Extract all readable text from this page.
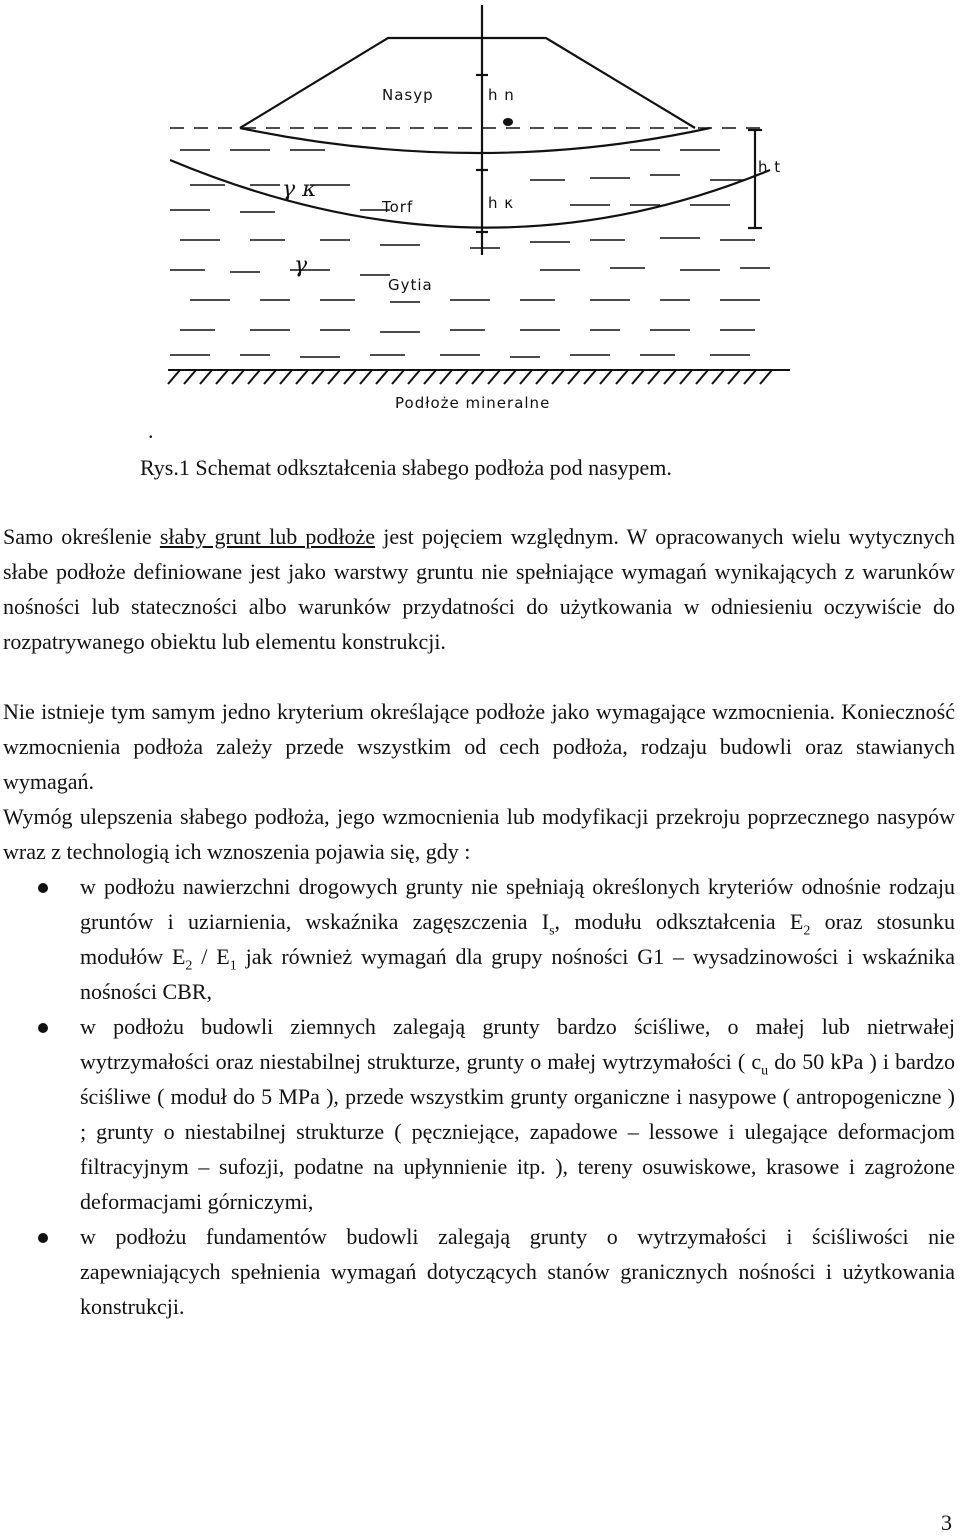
Nasyp	h n
h t
γ κ
Torf	h κ
γ
Gytia
Podłoże mineralne
.
Rys.1 Schemat odkształcenia słabego podłoża pod nasypem.

Samo określenie słaby grunt lub podłoże jest pojęciem względnym. W opracowanych wielu wytycznych słabe podłoże definiowane jest jako warstwy gruntu nie spełniające wymagań wynikających z warunków nośności lub stateczności albo warunków przydatności do użytkowania w odniesieniu oczywiście do rozpatrywanego obiektu lub elementu konstrukcji.

Nie istnieje tym samym jedno kryterium określające podłoże jako wymagające wzmocnienia. Konieczność wzmocnienia podłoża zależy przede wszystkim od cech podłoża, rodzaju budowli oraz stawianych wymagań.

Wymóg ulepszenia słabego podłoża, jego wzmocnienia lub modyfikacji przekroju poprzecznego nasypów wraz z technologią ich wznoszenia pojawia się, gdy :

w podłożu nawierzchni drogowych grunty nie spełniają określonych kryteriów odnośnie rodzaju gruntów i uziarnienia, wskaźnika zagęszczenia $I_s$, modułu odkształcenia $E_2$ oraz stosunku modułów $E_2 / E_1$ jak również wymagań dla grupy nośności G1 – wysadzinowości i wskaźnika nośności CBR,
w podłożu budowli ziemnych zalegają grunty bardzo ściśliwe, o małej lub nietrwałej wytrzymałości oraz niestabilnej strukturze, grunty o małej wytrzymałości ( $c_u$ do 50 kPa ) i bardzo ściśliwe ( moduł do 5 MPa ), przede wszystkim grunty organiczne i nasypowe ( antropogeniczne ) ; grunty o niestabilnej strukturze ( pęczniejące, zapadowe – lessowe i ulegające deformacjom filtracyjnym – sufozji, podatne na upłynnienie itp. ), tereny osuwiskowe, krasowe i zagrożone deformacjami górniczymi,
w podłożu fundamentów budowli zalegają grunty o wytrzymałości i ściśliwości nie zapewniających spełnienia wymagań dotyczących stanów granicznych nośności i użytkowania konstrukcji.
3
